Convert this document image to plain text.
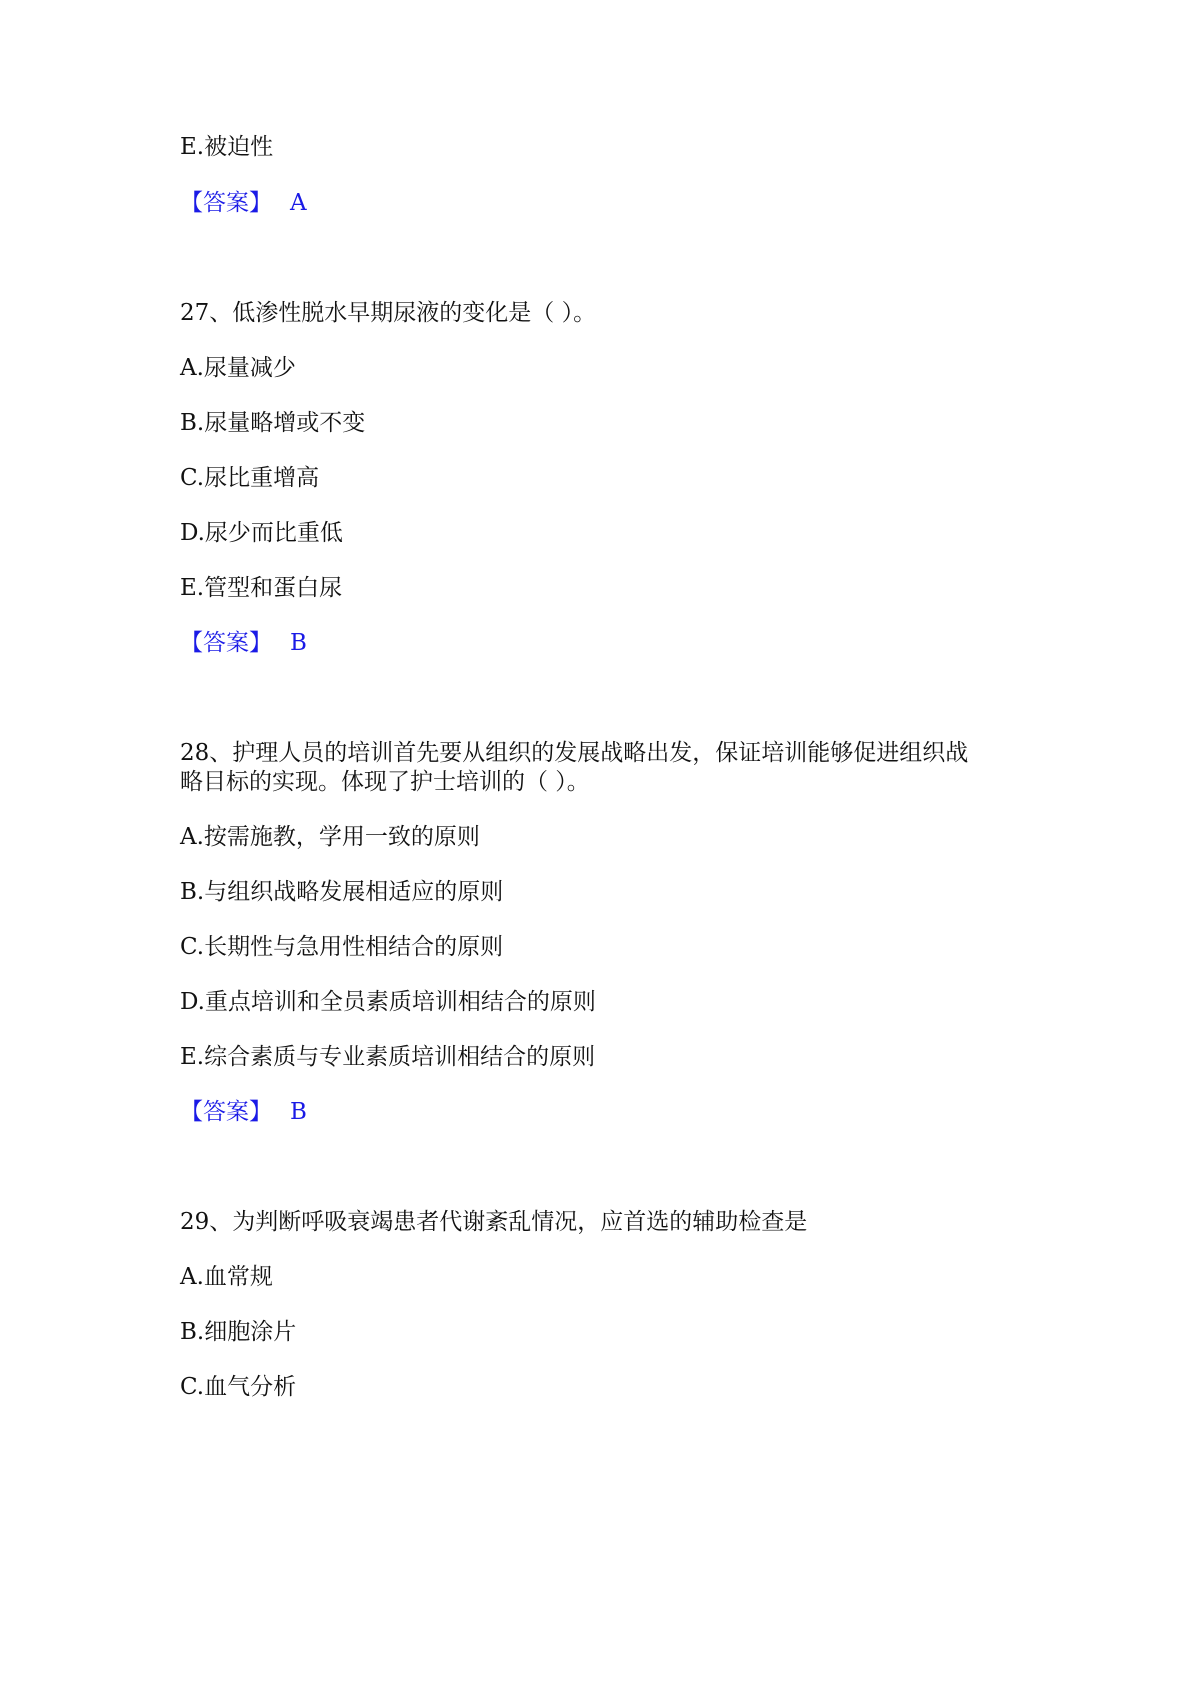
E.被迫性
【答案】 A
27、低渗性脱水早期尿液的变化是（ ）。
A.尿量减少
B.尿量略增或不变
C.尿比重增高
D.尿少而比重低
E.管型和蛋白尿
【答案】 B
28、护理人员的培训首先要从组织的发展战略出发，保证培训能够促进组织战
略目标的实现。体现了护士培训的（ ）。
A.按需施教，学用一致的原则
B.与组织战略发展相适应的原则
C.长期性与急用性相结合的原则
D.重点培训和全员素质培训相结合的原则
E.综合素质与专业素质培训相结合的原则
【答案】 B
29、为判断呼吸衰竭患者代谢紊乱情况，应首选的辅助检查是
A.血常规
B.细胞涂片
C.血气分析
